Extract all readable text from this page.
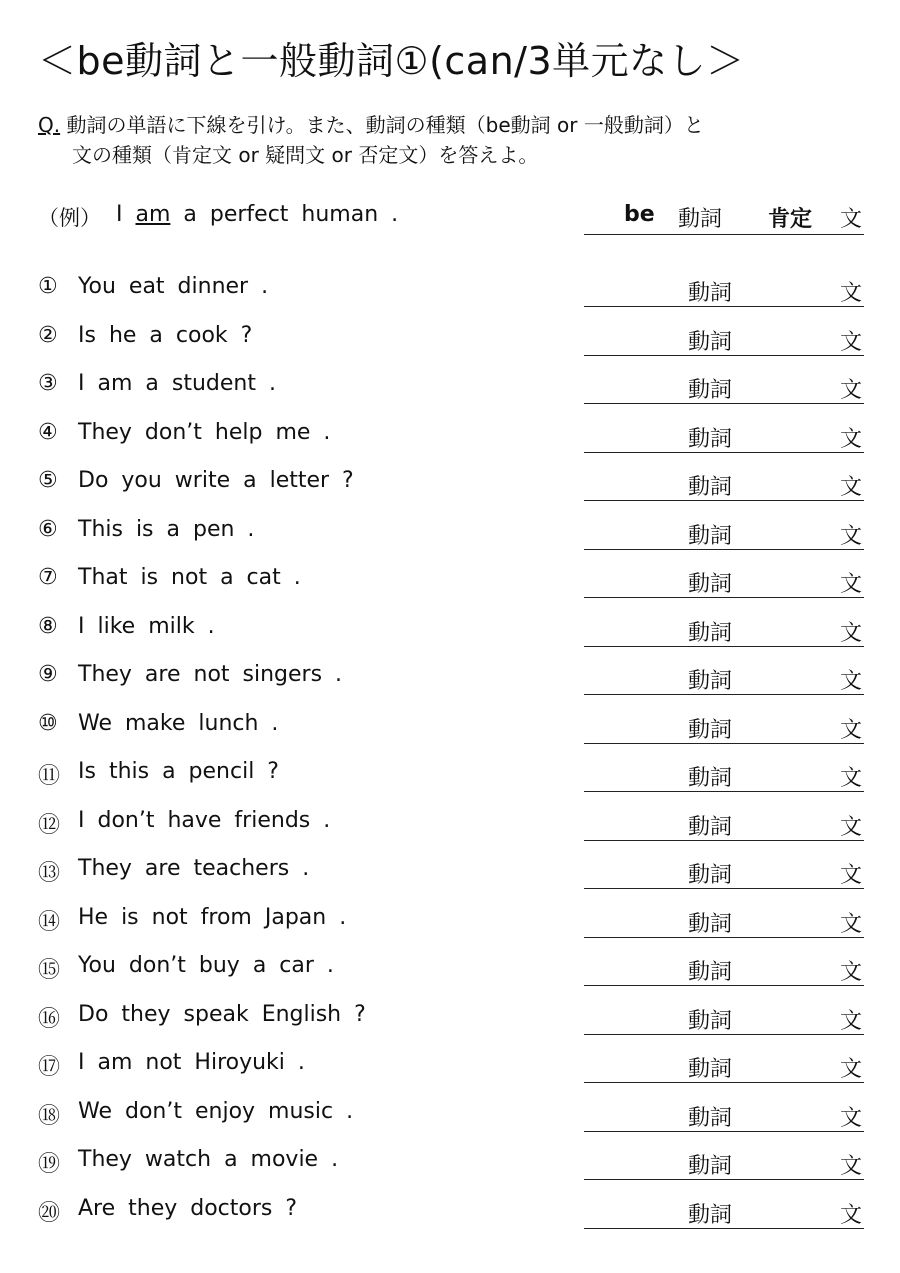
＜be動詞と一般動詞①(can/3単元なし＞
Q. 動詞の単語に下線を引け。また、動詞の種類（be動詞 or 一般動詞）と
文の種類（肯定文 or 疑問文 or 否定文）を答えよ。
（例） I am a perfect human .	be 動詞 肯定 文
① You eat dinner .	動詞	文
② Is he a cook ?	動詞	文
③ I am a student .	動詞	文
④ They don’t help me .	動詞	文
⑤ Do you write a letter ?	動詞	文
⑥ This is a pen .	動詞	文
⑦ That is not a cat .	動詞	文
⑧ I like milk .	動詞	文
⑨ They are not singers .	動詞	文
⑩ We make lunch .	動詞	文
⑪ Is this a pencil ?	動詞	文
⑫ I don’t have friends .	動詞	文
⑬ They are teachers .	動詞	文
⑭ He is not from Japan .	動詞	文
⑮ You don’t buy a car .	動詞	文
⑯ Do they speak English ?	動詞	文
⑰ I am not Hiroyuki .	動詞	文
⑱ We don’t enjoy music .	動詞	文
⑲ They watch a movie .	動詞	文
⑳ Are they doctors ?	動詞	文
